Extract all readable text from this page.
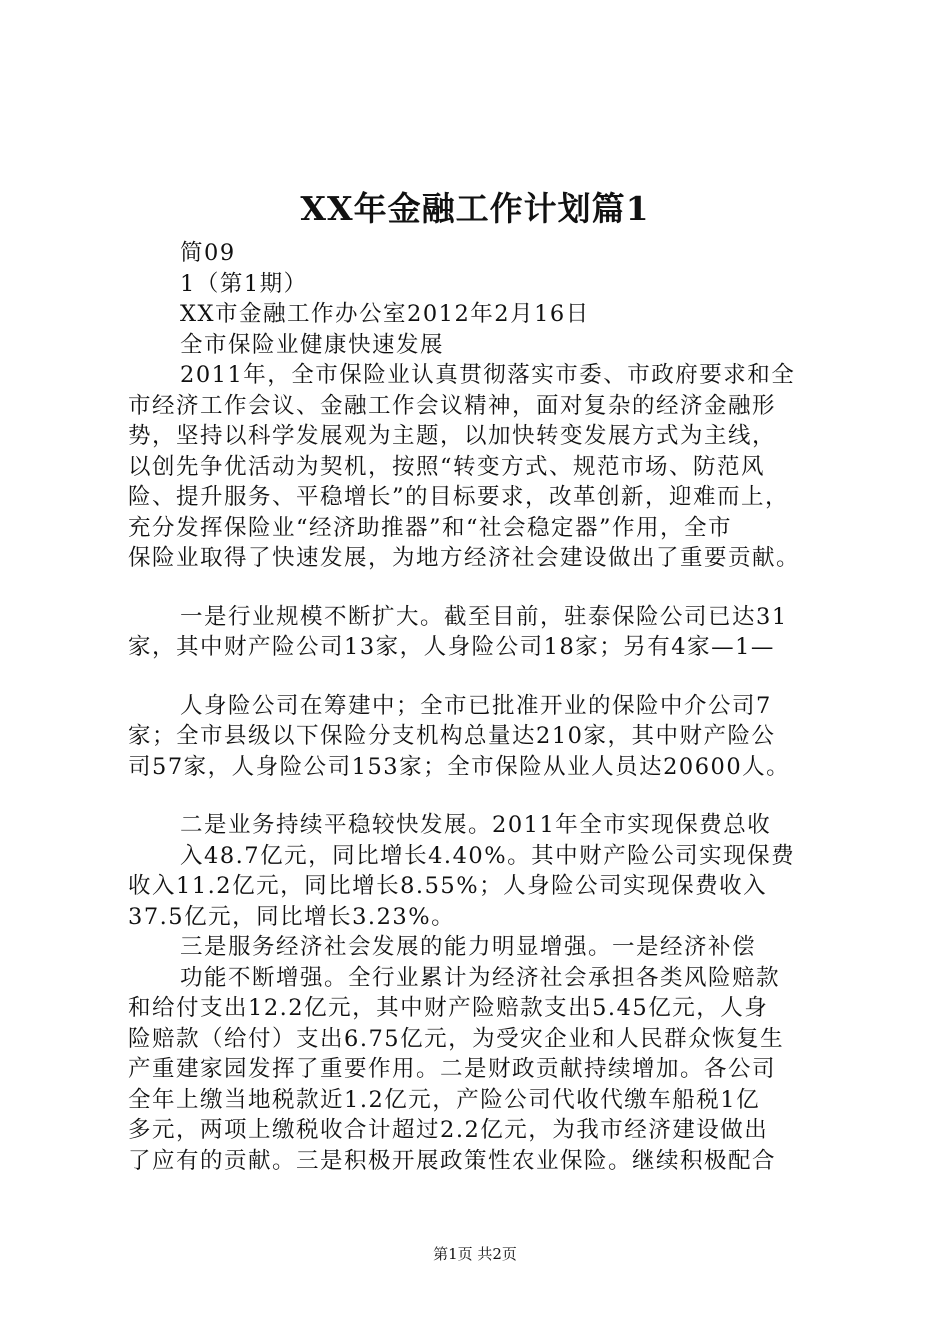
XX年金融工作计划篇1
简09
1（第1期）
XX市金融工作办公室2012年2月16日
全市保险业健康快速发展
2011年，全市保险业认真贯彻落实市委、市政府要求和全
市经济工作会议、金融工作会议精神，面对复杂的经济金融形
势，坚持以科学发展观为主题，以加快转变发展方式为主线，
以创先争优活动为契机，按照“转变方式、规范市场、防范风
险、提升服务、平稳增长”的目标要求，改革创新，迎难而上，
充分发挥保险业“经济助推器”和“社会稳定器”作用，全市
保险业取得了快速发展，为地方经济社会建设做出了重要贡献。
一是行业规模不断扩大。截至目前，驻泰保险公司已达31
家，其中财产险公司13家，人身险公司18家；另有4家—1—
人身险公司在筹建中；全市已批准开业的保险中介公司7
家；全市县级以下保险分支机构总量达210家，其中财产险公
司57家，人身险公司153家；全市保险从业人员达20600人。
二是业务持续平稳较快发展。2011年全市实现保费总收
入48.7亿元，同比增长4.40%。其中财产险公司实现保费
收入11.2亿元，同比增长8.55%；人身险公司实现保费收入
37.5亿元，同比增长3.23%。
三是服务经济社会发展的能力明显增强。一是经济补偿
功能不断增强。全行业累计为经济社会承担各类风险赔款
和给付支出12.2亿元，其中财产险赔款支出5.45亿元，人身
险赔款（给付）支出6.75亿元，为受灾企业和人民群众恢复生
产重建家园发挥了重要作用。二是财政贡献持续增加。各公司
全年上缴当地税款近1.2亿元，产险公司代收代缴车船税1亿
多元，两项上缴税收合计超过2.2亿元，为我市经济建设做出
了应有的贡献。三是积极开展政策性农业保险。继续积极配合
第1页 共2页
